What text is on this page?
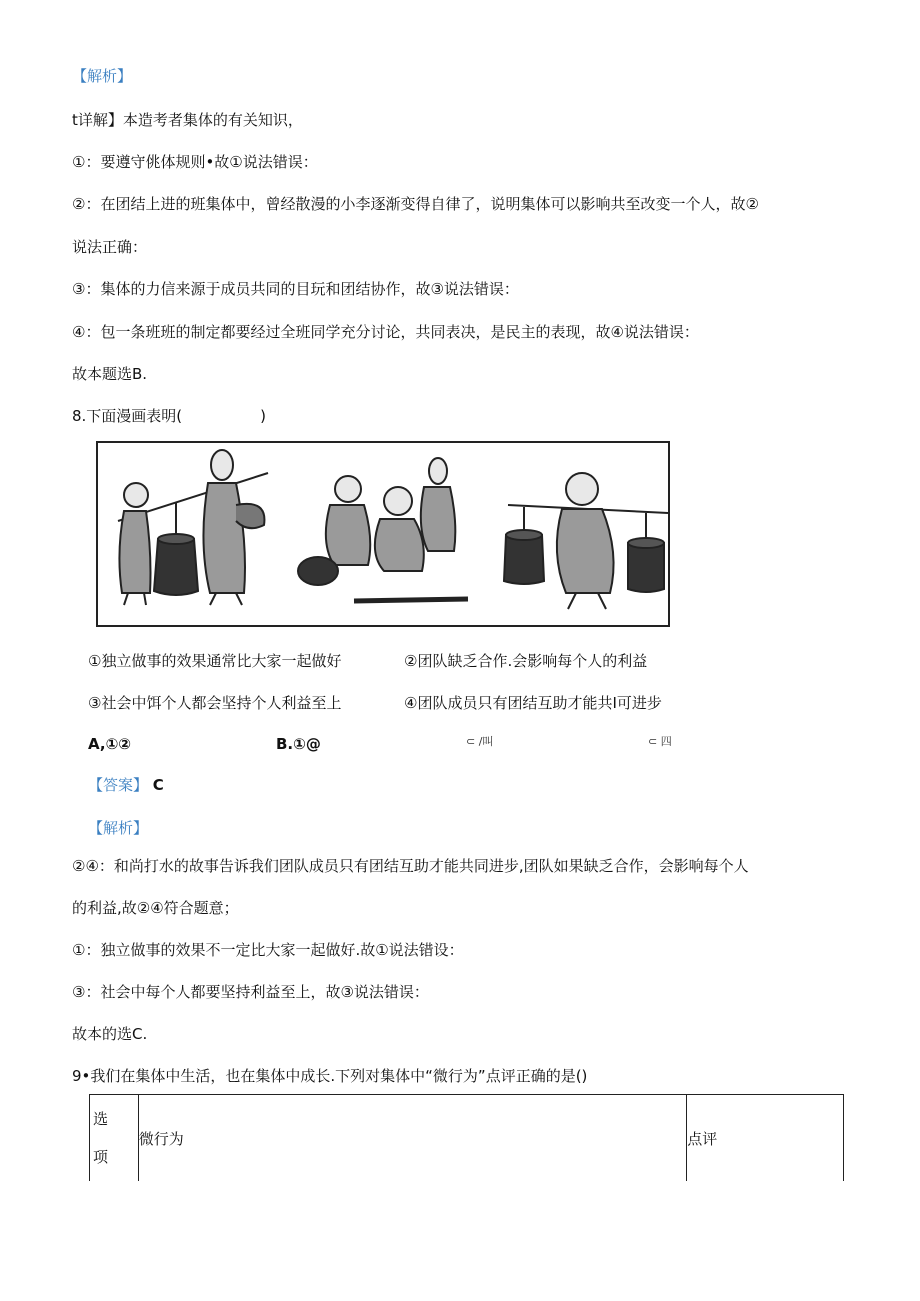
【解析】
t详解】本造考者集体的有关知识，
①：要遵守佻体规则•故①说法错误：
②：在团结上进的班集体中，曾经散漫的小李逐渐变得自律了，说明集体可以影响共至改变一个人，故②
说法正确：
③：集体的力信来源于成员共同的目玩和团结协作，故③说法错误：
④：包一条班班的制定都要经过全班同学充分讨论，共同表决，是民主的表现，故④说法错误：
故本题选B.
8.下面漫画表明(	)
①独立做事的效果通常比大家一起做好	②团队缺乏合作.会影响每个人的利益
③社会中饵个人都会坚持个人利益至上	④团队成员只有团结互助才能共I可进步
A,①②	B.①@	⊂ /叫	⊂ 四
【答案】 C
【解析】
②④：和尚打水的故事告诉我们团队成员只有团结互助才能共同进步,团队如果缺乏合作，会影响每个人
的利益,故②④符合题意；
①：独立做事的效果不一定比大家一起做好.故①说法错设：
③：社会中每个人都要坚持利益至上，故③说法错误：
故本的选C.
9•我们在集体中生活，也在集体中成长.下列对集体中“微行为”点评正确的是()
选
项
	微行为	点评
